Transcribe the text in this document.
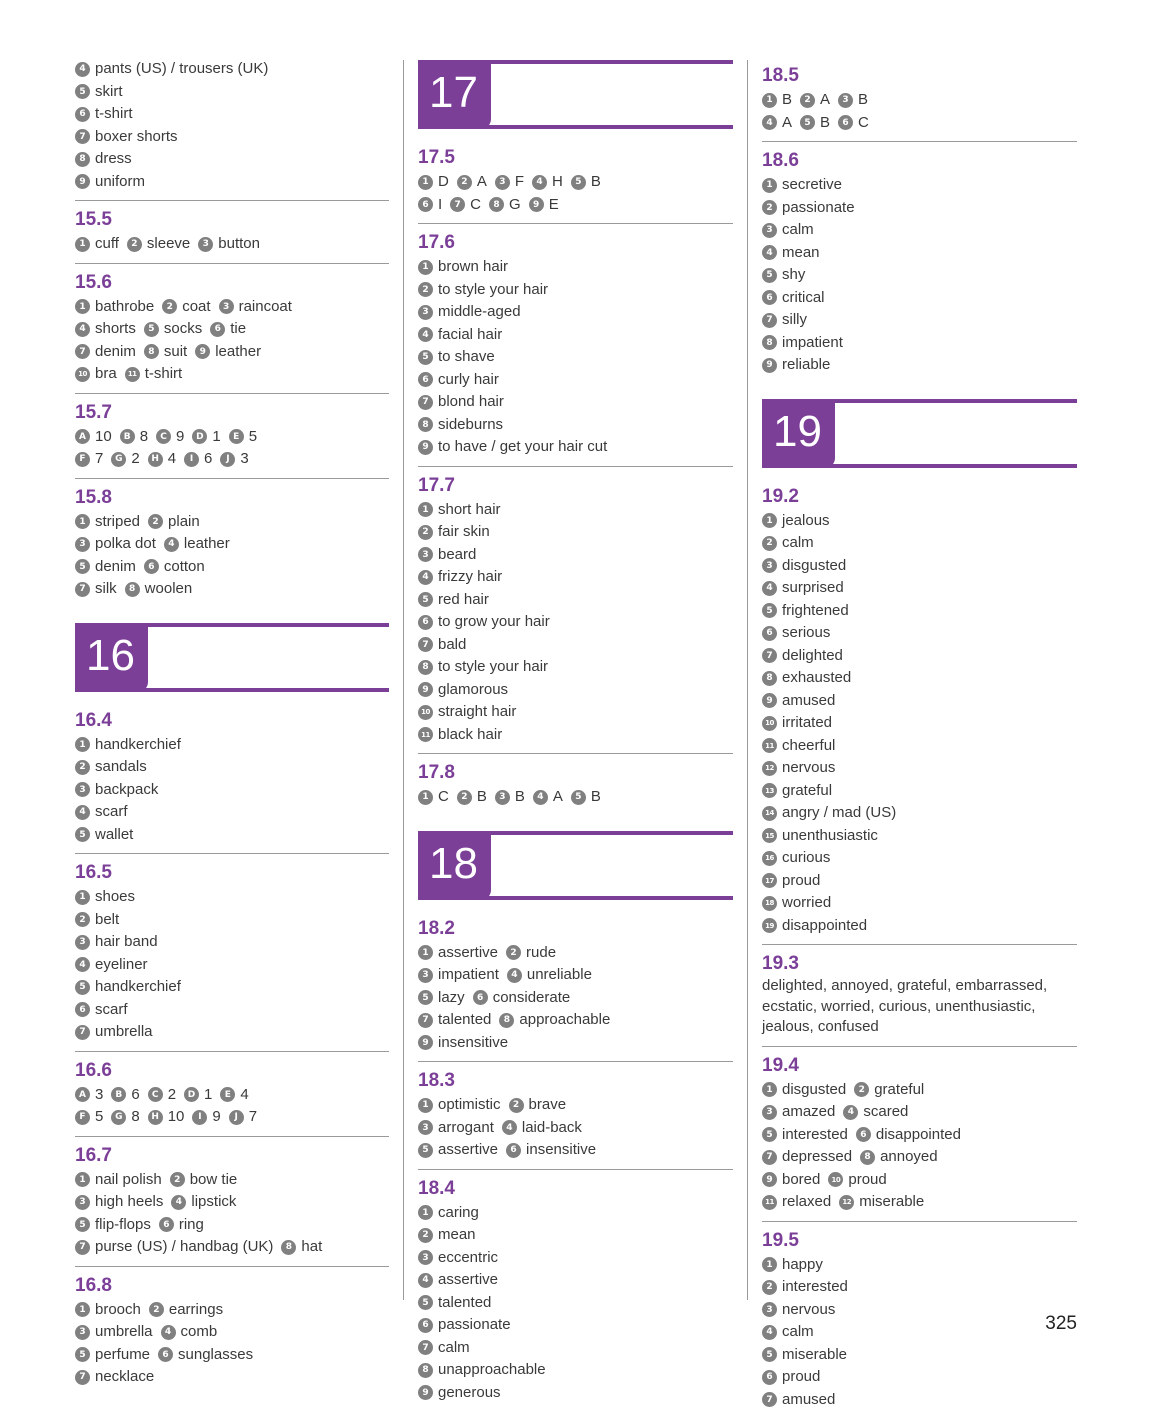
4 pants (US) / trousers (UK)
5 skirt
6 t-shirt
7 boxer shorts
8 dress
9 uniform
15.5
1 cuff	2 sleeve	3 button
15.6
1 bathrobe	2 coat	3 raincoat
4 shorts	5 socks	6 tie
7 denim	8 suit	9 leather
10 bra	11 t-shirt
15.7
A 10	B 8	C 9	D 1	E 5
F 7	G 2	H 4	I 6	J 3
15.8
1 striped	2 plain
3 polka dot	4 leather
5 denim	6 cotton
7 silk	8 woolen
16
16.4
1 handkerchief
2 sandals
3 backpack
4 scarf
5 wallet
16.5
1 shoes
2 belt
3 hair band
4 eyeliner
5 handkerchief
6 scarf
7 umbrella
16.6
A 3	B 6	C 2	D 1	E 4
F 5	G 8	H 10	I 9	J 7
16.7
1 nail polish	2 bow tie
3 high heels	4 lipstick
5 flip-flops	6 ring
7 purse (US) / handbag (UK)	8 hat
16.8
1 brooch	2 earrings
3 umbrella	4 comb
5 perfume	6 sunglasses
7 necklace
17
17.5
1 D	2 A	3 F	4 H	5 B
6 I	7 C	8 G	9 E
17.6
1 brown hair
2 to style your hair
3 middle-aged
4 facial hair
5 to shave
6 curly hair
7 blond hair
8 sideburns
9 to have / get your hair cut
17.7
1 short hair
2 fair skin
3 beard
4 frizzy hair
5 red hair
6 to grow your hair
7 bald
8 to style your hair
9 glamorous
10 straight hair
11 black hair
17.8
1 C	2 B	3 B	4 A	5 B
18
18.2
1 assertive	2 rude
3 impatient	4 unreliable
5 lazy	6 considerate
7 talented	8 approachable
9 insensitive
18.3
1 optimistic	2 brave
3 arrogant	4 laid-back
5 assertive	6 insensitive
18.4
1 caring
2 mean
3 eccentric
4 assertive
5 talented
6 passionate
7 calm
8 unapproachable
9 generous
18.5
1 B	2 A	3 B
4 A	5 B	6 C
18.6
1 secretive
2 passionate
3 calm
4 mean
5 shy
6 critical
7 silly
8 impatient
9 reliable
19
19.2
1 jealous
2 calm
3 disgusted
4 surprised
5 frightened
6 serious
7 delighted
8 exhausted
9 amused
10 irritated
11 cheerful
12 nervous
13 grateful
14 angry / mad (US)
15 unenthusiastic
16 curious
17 proud
18 worried
19 disappointed
19.3
delighted, annoyed, grateful, embarrassed, ecstatic, worried, curious, unenthusiastic, jealous, confused
19.4
1 disgusted	2 grateful
3 amazed	4 scared
5 interested	6 disappointed
7 depressed	8 annoyed
9 bored	10 proud
11 relaxed	12 miserable
19.5
1 happy
2 interested
3 nervous
4 calm
5 miserable
6 proud
7 amused
325
